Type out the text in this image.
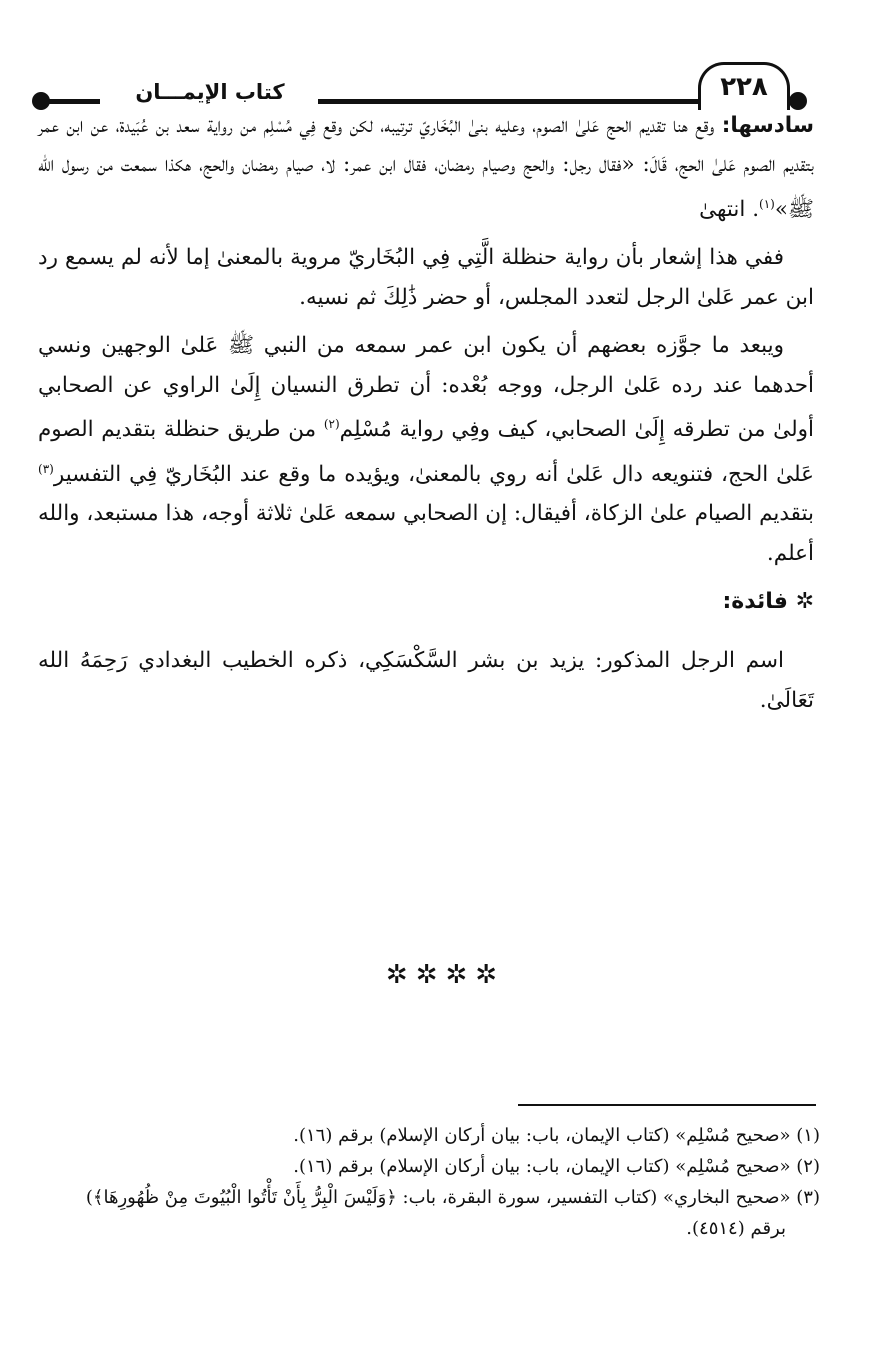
كتاب الإيمـــان	٢٢٨

سادسها: وقع هنا تقديم الحج عَلىٰ الصوم، وعليه بنىٰ البُخَاريّ ترتيبه، لكن وقع فِي مُسْلِم من رواية سعد بن عُبَيدة، عن ابن عمر بتقديم الصوم عَلىٰ الحج، قَالَ: «فقال رجل: والحج وصيام رمضان، فقال ابن عمر: لا، صيام رمضان والحج، هكذا سمعت من رسول الله ﷺ»$^{(١)}$. انتهىٰ

ففي هذا إشعار بأن رواية حنظلة الَّتِي فِي البُخَاريّ مروية بالمعنىٰ إما لأنه لم يسمع رد ابن عمر عَلىٰ الرجل لتعدد المجلس، أو حضر ذَٰلِكَ ثم نسيه.

ويبعد ما جوَّزه بعضهم أن يكون ابن عمر سمعه من النبي ﷺ عَلىٰ الوجهين ونسي أحدهما عند رده عَلىٰ الرجل، ووجه بُعْده: أن تطرق النسيان إِلَىٰ الراوي عن الصحابي أولىٰ من تطرقه إِلَىٰ الصحابي، كيف وفِي رواية مُسْلِم$^{(٢)}$ من طريق حنظلة بتقديم الصوم عَلىٰ الحج، فتنويعه دال عَلىٰ أنه روي بالمعنىٰ، ويؤيده ما وقع عند البُخَاريّ فِي التفسير$^{(٣)}$ بتقديم الصيام علىٰ الزكاة، أفيقال: إن الصحابي سمعه عَلىٰ ثلاثة أوجه، هذا مستبعد، والله أعلم.

✲ فائدة:

اسم الرجل المذكور: يزيد بن بشر السَّكْسَكِي، ذكره الخطيب البغدادي رَحِمَهُ الله تَعَالَىٰ.

✲✲✲✲
(١) «صحيح مُسْلِم» (كتاب الإيمان، باب: بيان أركان الإسلام) برقم (١٦).
(٢) «صحيح مُسْلِم» (كتاب الإيمان، باب: بيان أركان الإسلام) برقم (١٦).
(٣) «صحيح البخاري» (كتاب التفسير، سورة البقرة، باب: ﴿وَلَيْسَ الْبِرُّ بِأَنْ تَأْتُوا الْبُيُوتَ مِنْ ظُهُورِهَا﴾)
برقم (٤٥١٤).
